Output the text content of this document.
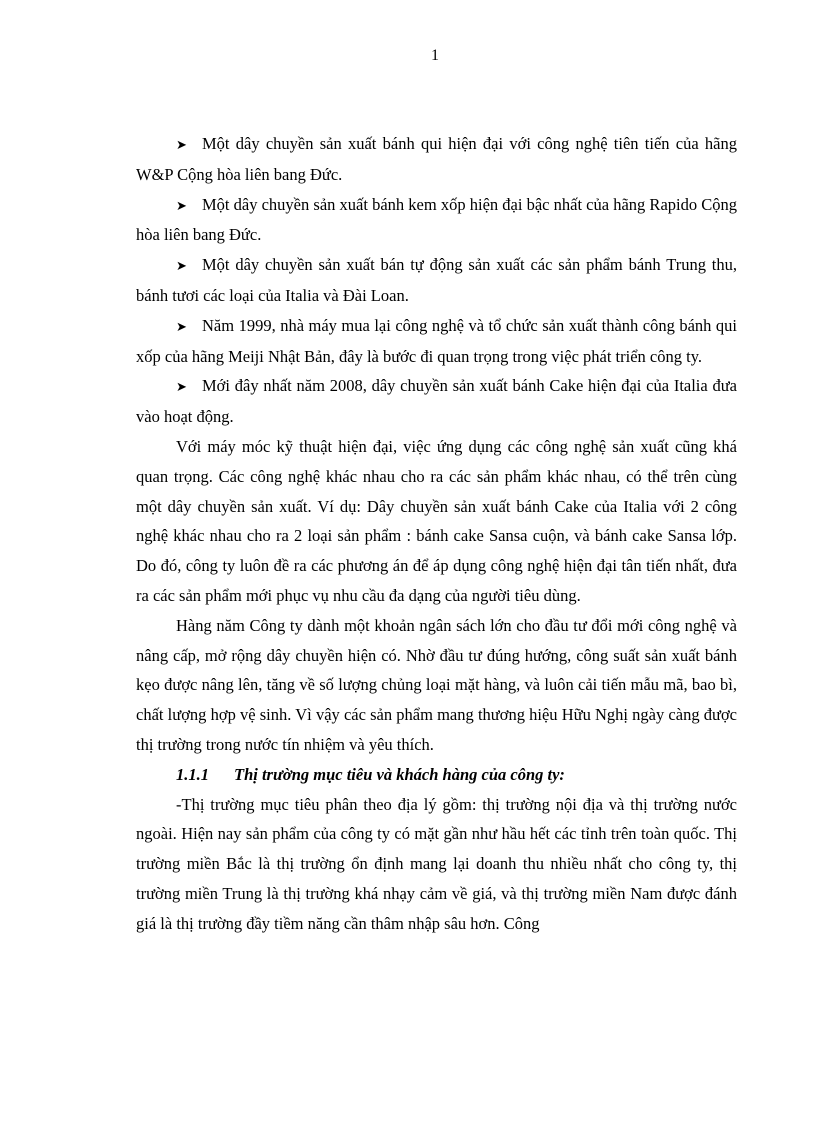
1

➤ Một dây chuyền sản xuất bánh qui hiện đại với công nghệ tiên tiến của hãng W&P Cộng hòa liên bang Đức.

➤ Một dây chuyền sản xuất bánh kem xốp hiện đại bậc nhất của hãng Rapido Cộng hòa liên bang Đức.

➤ Một dây chuyền sản xuất bán tự động sản xuất các sản phẩm bánh Trung thu, bánh tươi các loại của Italia và Đài Loan.

➤ Năm 1999, nhà máy mua lại công nghệ và tổ chức sản xuất thành công bánh qui xốp của hãng Meiji Nhật Bản, đây là bước đi quan trọng trong việc phát triển công ty.

➤ Mới đây nhất năm 2008, dây chuyền sản xuất bánh Cake hiện đại của Italia đưa vào hoạt động.

Với máy móc kỹ thuật hiện đại, việc ứng dụng các công nghệ sản xuất cũng khá quan trọng. Các công nghệ khác nhau cho ra các sản phẩm khác nhau, có thể trên cùng một dây chuyền sản xuất. Ví dụ: Dây chuyền sản xuất bánh Cake của Italia với 2 công nghệ khác nhau cho ra 2 loại sản phẩm : bánh cake Sansa cuộn, và bánh cake Sansa lớp. Do đó, công ty luôn đề ra các phương án để áp dụng công nghệ hiện đại tân tiến nhất, đưa ra các sản phẩm mới phục vụ nhu cầu đa dạng của người tiêu dùng.

Hàng năm Công ty dành một khoản ngân sách lớn cho đầu tư đổi mới công nghệ và nâng cấp, mở rộng dây chuyền hiện có. Nhờ đầu tư đúng hướng, công suất sản xuất bánh kẹo được nâng lên, tăng về số lượng chủng loại mặt hàng, và luôn cải tiến mẫu mã, bao bì, chất lượng hợp vệ sinh. Vì vậy các sản phẩm mang thương hiệu Hữu Nghị ngày càng được thị trường trong nước tín nhiệm và yêu thích.

1.1.1 Thị trường mục tiêu và khách hàng của công ty:

-Thị trường mục tiêu phân theo địa lý gồm: thị trường nội địa và thị trường nước ngoài. Hiện nay sản phẩm của công ty có mặt gần như hầu hết các tỉnh trên toàn quốc. Thị trường miền Bắc là thị trường ổn định mang lại doanh thu nhiều nhất cho công ty, thị trường miền Trung là thị trường khá nhạy cảm về giá, và thị trường miền Nam được đánh giá là thị trường đầy tiềm năng cần thâm nhập sâu hơn. Công
